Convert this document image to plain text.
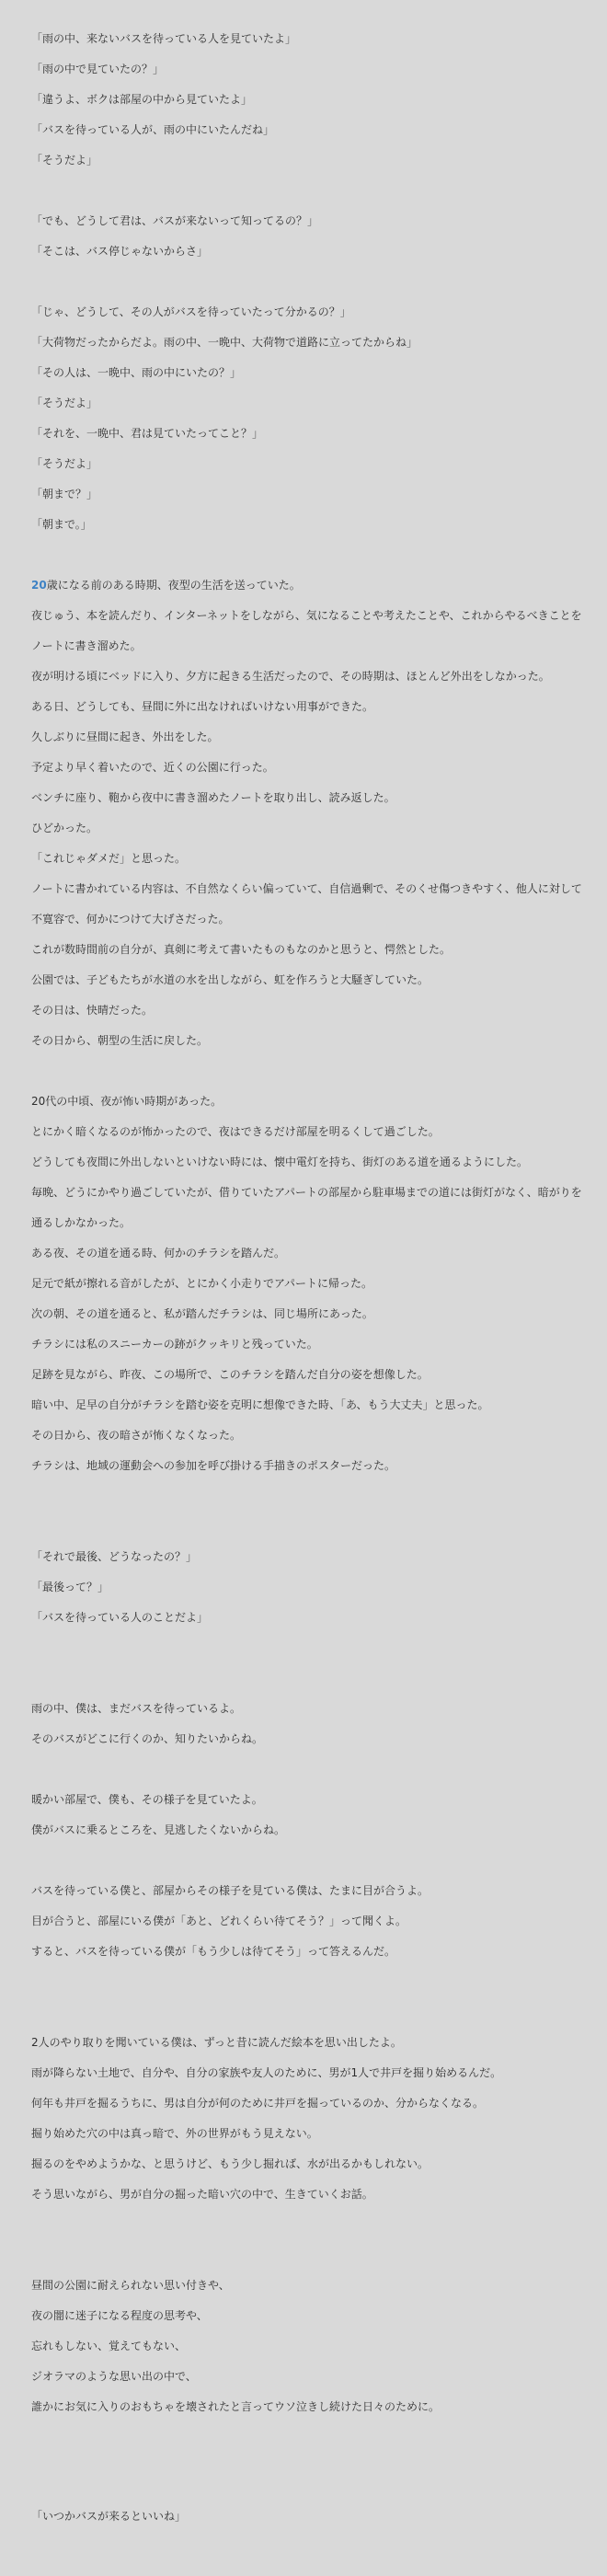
「雨の中、来ないバスを待っている人を見ていたよ」

「雨の中で見ていたの？」

「違うよ、ボクは部屋の中から見ていたよ」

「バスを待っている人が、雨の中にいたんだね」

「そうだよ」

「でも、どうして君は、バスが来ないって知ってるの？」

「そこは、バス停じゃないからさ」

「じゃ、どうして、その人がバスを待っていたって分かるの？」

「大荷物だったからだよ。雨の中、一晩中、大荷物で道路に立ってたからね」

「その人は、一晩中、雨の中にいたの？」

「そうだよ」

「それを、一晩中、君は見ていたってこと？」

「そうだよ」

「朝まで？」

「朝まで。」

20歳になる前のある時期、夜型の生活を送っていた。

夜じゅう、本を読んだり、インターネットをしながら、気になることや考えたことや、これからやるべきことをノートに書き溜めた。

夜が明ける頃にベッドに入り、夕方に起きる生活だったので、その時期は、ほとんど外出をしなかった。

ある日、どうしても、昼間に外に出なければいけない用事ができた。

久しぶりに昼間に起き、外出をした。

予定より早く着いたので、近くの公園に行った。

ベンチに座り、鞄から夜中に書き溜めたノートを取り出し、読み返した。

ひどかった。

「これじゃダメだ」と思った。

ノートに書かれている内容は、不自然なくらい偏っていて、自信過剰で、そのくせ傷つきやすく、他人に対して不寛容で、何かにつけて大げさだった。

これが数時間前の自分が、真剣に考えて書いたものもなのかと思うと、愕然とした。

公園では、子どもたちが水道の水を出しながら、虹を作ろうと大騒ぎしていた。

その日は、快晴だった。

その日から、朝型の生活に戻した。

20代の中頃、夜が怖い時期があった。

とにかく暗くなるのが怖かったので、夜はできるだけ部屋を明るくして過ごした。

どうしても夜間に外出しないといけない時には、懐中電灯を持ち、街灯のある道を通るようにした。

毎晩、どうにかやり過ごしていたが、借りていたアパートの部屋から駐車場までの道には街灯がなく、暗がりを通るしかなかった。

ある夜、その道を通る時、何かのチラシを踏んだ。

足元で紙が擦れる音がしたが、とにかく小走りでアパートに帰った。

次の朝、その道を通ると、私が踏んだチラシは、同じ場所にあった。

チラシには私のスニーカーの跡がクッキリと残っていた。

足跡を見ながら、昨夜、この場所で、このチラシを踏んだ自分の姿を想像した。

暗い中、足早の自分がチラシを踏む姿を克明に想像できた時、「あ、もう大丈夫」と思った。

その日から、夜の暗さが怖くなくなった。

チラシは、地域の運動会への参加を呼び掛ける手描きのポスターだった。

「それで最後、どうなったの？」

「最後って？」

「バスを待っている人のことだよ」

雨の中、僕は、まだバスを待っているよ。

そのバスがどこに行くのか、知りたいからね。

暖かい部屋で、僕も、その様子を見ていたよ。

僕がバスに乗るところを、見逃したくないからね。

バスを待っている僕と、部屋からその様子を見ている僕は、たまに目が合うよ。

目が合うと、部屋にいる僕が「あと、どれくらい待てそう？」って聞くよ。

すると、バスを待っている僕が「もう少しは待てそう」って答えるんだ。

2人のやり取りを聞いている僕は、ずっと昔に読んだ絵本を思い出したよ。

雨が降らない土地で、自分や、自分の家族や友人のために、男が1人で井戸を掘り始めるんだ。

何年も井戸を掘るうちに、男は自分が何のために井戸を掘っているのか、分からなくなる。

掘り始めた穴の中は真っ暗で、外の世界がもう見えない。

掘るのをやめようかな、と思うけど、もう少し掘れば、水が出るかもしれない。

そう思いながら、男が自分の掘った暗い穴の中で、生きていくお話。

昼間の公園に耐えられない思い付きや、

夜の闇に迷子になる程度の思考や、

忘れもしない、覚えてもない、

ジオラマのような思い出の中で、

誰かにお気に入りのおもちゃを壊されたと言ってウソ泣きし続けた日々のために。

「いつかバスが来るといいね」
